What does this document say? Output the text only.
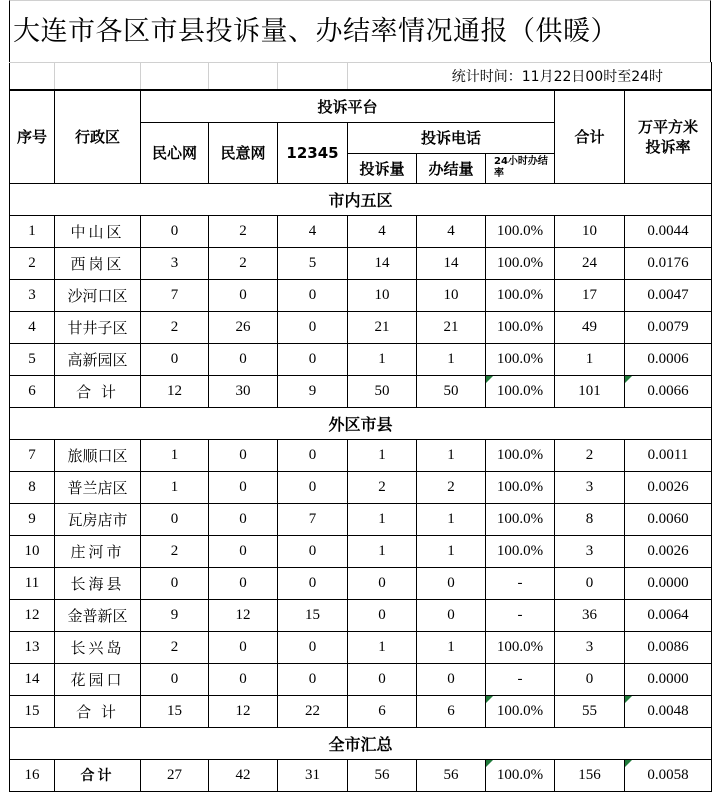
大连市各区市县投诉量、办结率情况通报（供暖）
					统计时间：11月22日00时至24时				
序号	行政区	投诉平台						合计	万平方米投诉率
		民心网	民意网	12345	投诉电话				
					投诉量	办结量	24小时办结率		
市内五区									
1	中山区	0	2	4	4	4	100.0%	10	0.0044
2	西岗区	3	2	5	14	14	100.0%	24	0.0176
3	沙河口区	7	0	0	10	10	100.0%	17	0.0047
4	甘井子区	2	26	0	21	21	100.0%	49	0.0079
5	高新园区	0	0	0	1	1	100.0%	1	0.0006
6	合 计	12	30	9	50	50	100.0%	101	0.0066
外区市县									
7	旅顺口区	1	0	0	1	1	100.0%	2	0.0011
8	普兰店区	1	0	0	2	2	100.0%	3	0.0026
9	瓦房店市	0	0	7	1	1	100.0%	8	0.0060
10	庄河市	2	0	0	1	1	100.0%	3	0.0026
11	长海县	0	0	0	0	0	-	0	0.0000
12	金普新区	9	12	15	0	0	-	36	0.0064
13	长兴岛	2	0	0	1	1	100.0%	3	0.0086
14	花园口	0	0	0	0	0	-	0	0.0000
15	合 计	15	12	22	6	6	100.0%	55	0.0048
全市汇总									
16	合计	27	42	31	56	56	100.0%	156	0.0058
